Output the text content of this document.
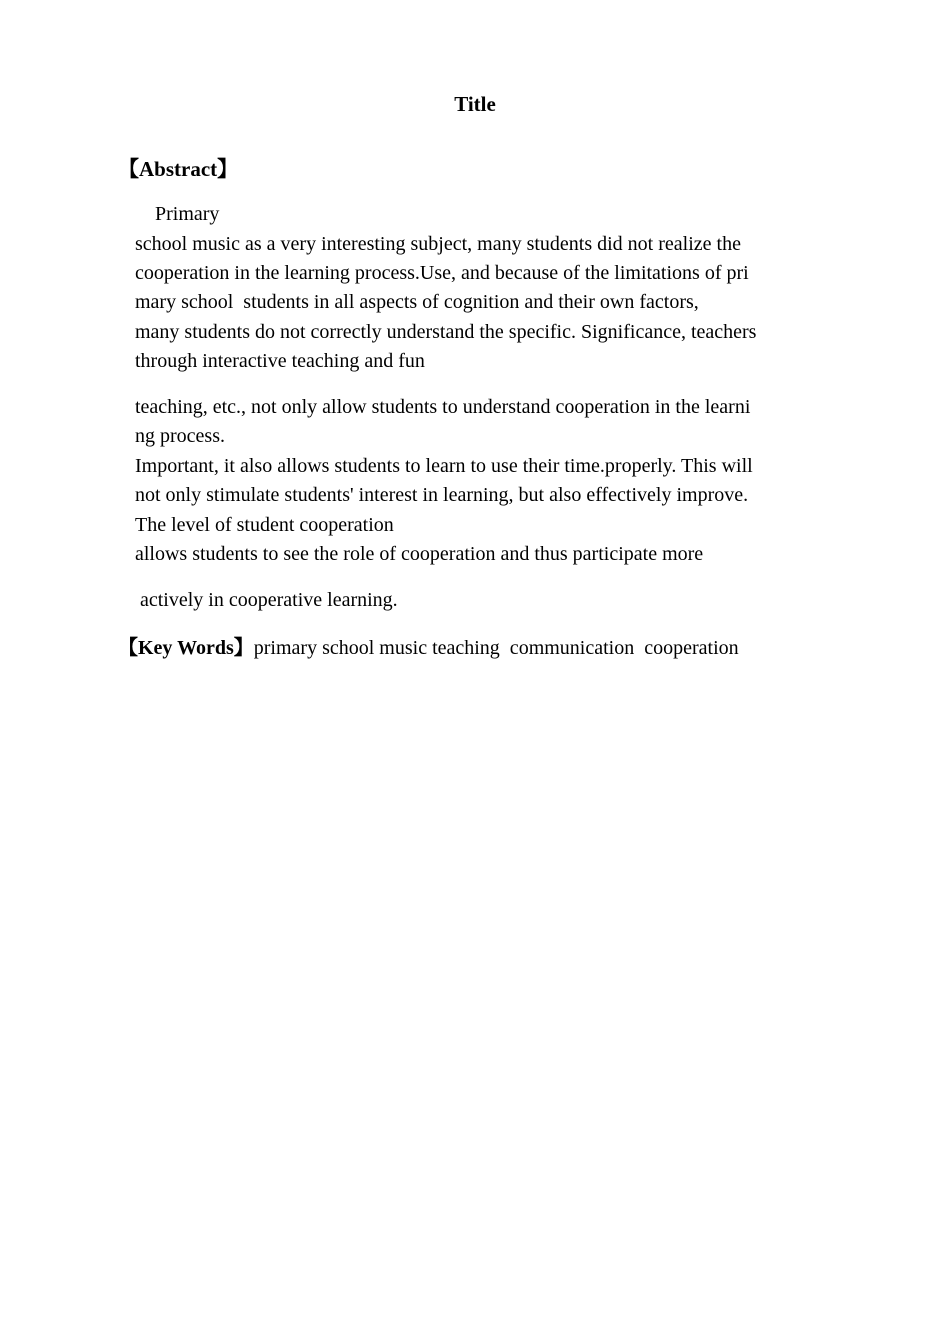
Title
【Abstract】
Primary
school music as a very interesting subject, many students did not realize the
cooperation in the learning process.Use, and because of the limitations of pri
mary school  students in all aspects of cognition and their own factors,
many students do not correctly understand the specific. Significance, teachers
through interactive teaching and fun
teaching, etc., not only allow students to understand cooperation in the learni
ng process.
Important, it also allows students to learn to use their time.properly. This will
not only stimulate students' interest in learning, but also effectively improve.
The level of student cooperation
allows students to see the role of cooperation and thus participate more
actively in cooperative learning.
【Key Words】primary school music teaching  communication  cooperation
